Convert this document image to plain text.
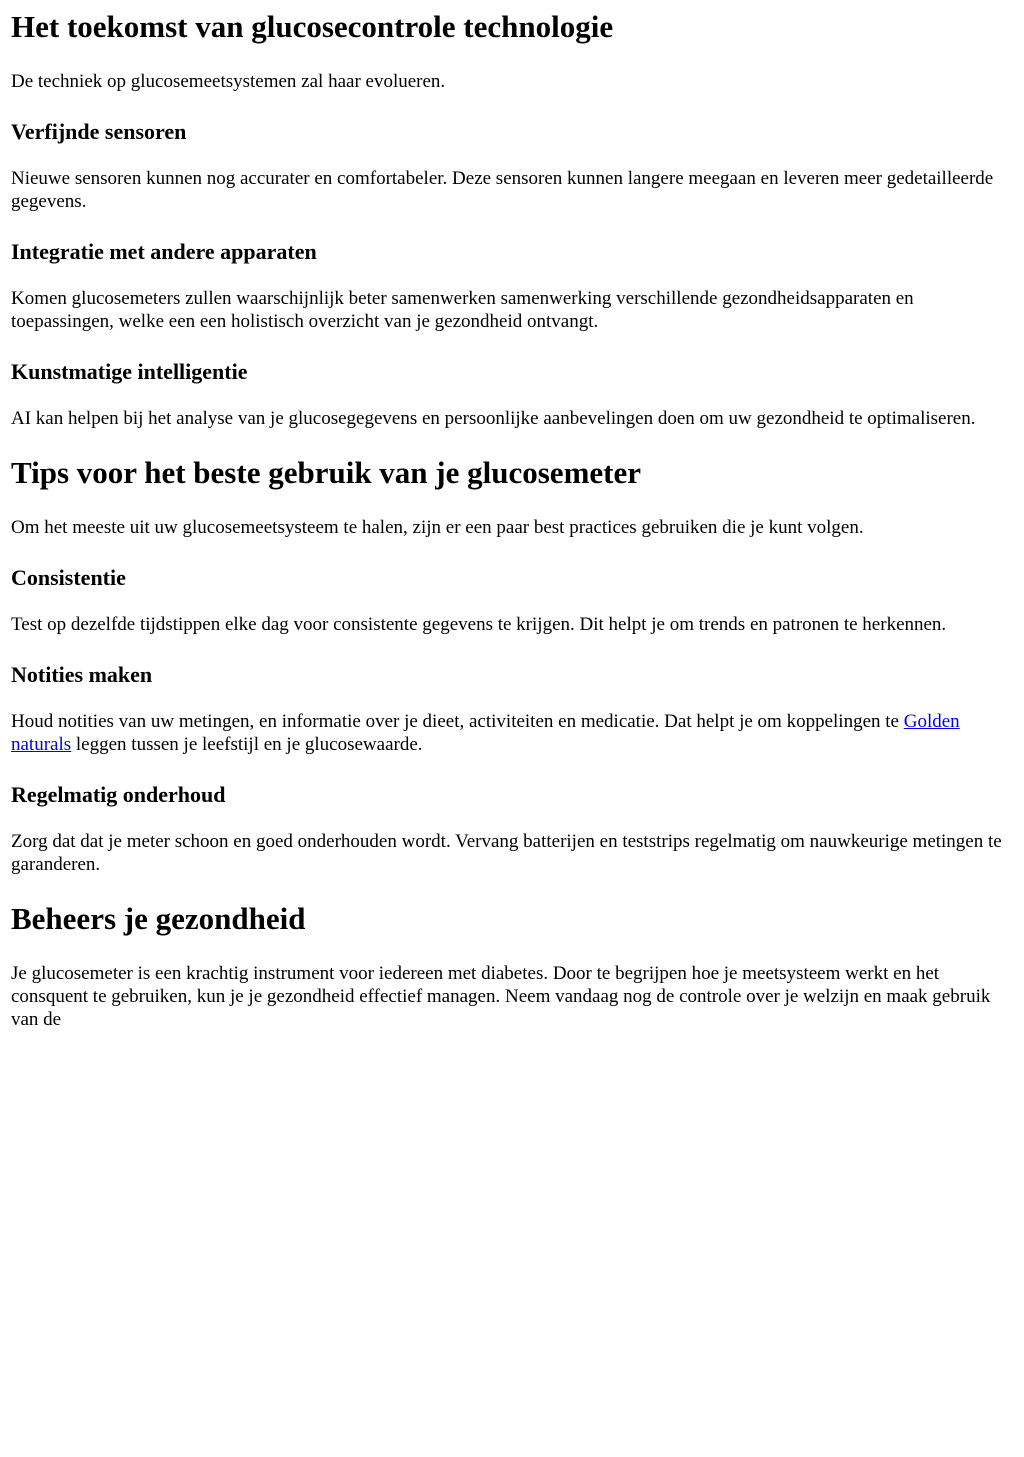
Het toekomst van glucosecontrole technologie

De techniek op glucosemeetsystemen zal haar evolueren.

Verfijnde sensoren

Nieuwe sensoren kunnen nog accurater en comfortabeler. Deze sensoren kunnen langere meegaan en leveren meer gedetailleerde gegevens.

Integratie met andere apparaten

Komen glucosemeters zullen waarschijnlijk beter samenwerken samenwerking verschillende gezondheidsapparaten en toepassingen, welke een een holistisch overzicht van je gezondheid ontvangt.

Kunstmatige intelligentie

AI kan helpen bij het analyse van je glucosegegevens en persoonlijke aanbevelingen doen om uw gezondheid te optimaliseren.

Tips voor het beste gebruik van je glucosemeter

Om het meeste uit uw glucosemeetsysteem te halen, zijn er een paar best practices gebruiken die je kunt volgen.

Consistentie

Test op dezelfde tijdstippen elke dag voor consistente gegevens te krijgen. Dit helpt je om trends en patronen te herkennen.

Notities maken

Houd notities van uw metingen, en informatie over je dieet, activiteiten en medicatie. Dat helpt je om koppelingen te Golden naturals leggen tussen je leefstijl en je glucosewaarde.

Regelmatig onderhoud

Zorg dat dat je meter schoon en goed onderhouden wordt. Vervang batterijen en teststrips regelmatig om nauwkeurige metingen te garanderen.

Beheers je gezondheid

Je glucosemeter is een krachtig instrument voor iedereen met diabetes. Door te begrijpen hoe je meetsysteem werkt en het consquent te gebruiken, kun je je gezondheid effectief managen. Neem vandaag nog de controle over je welzijn en maak gebruik van de
